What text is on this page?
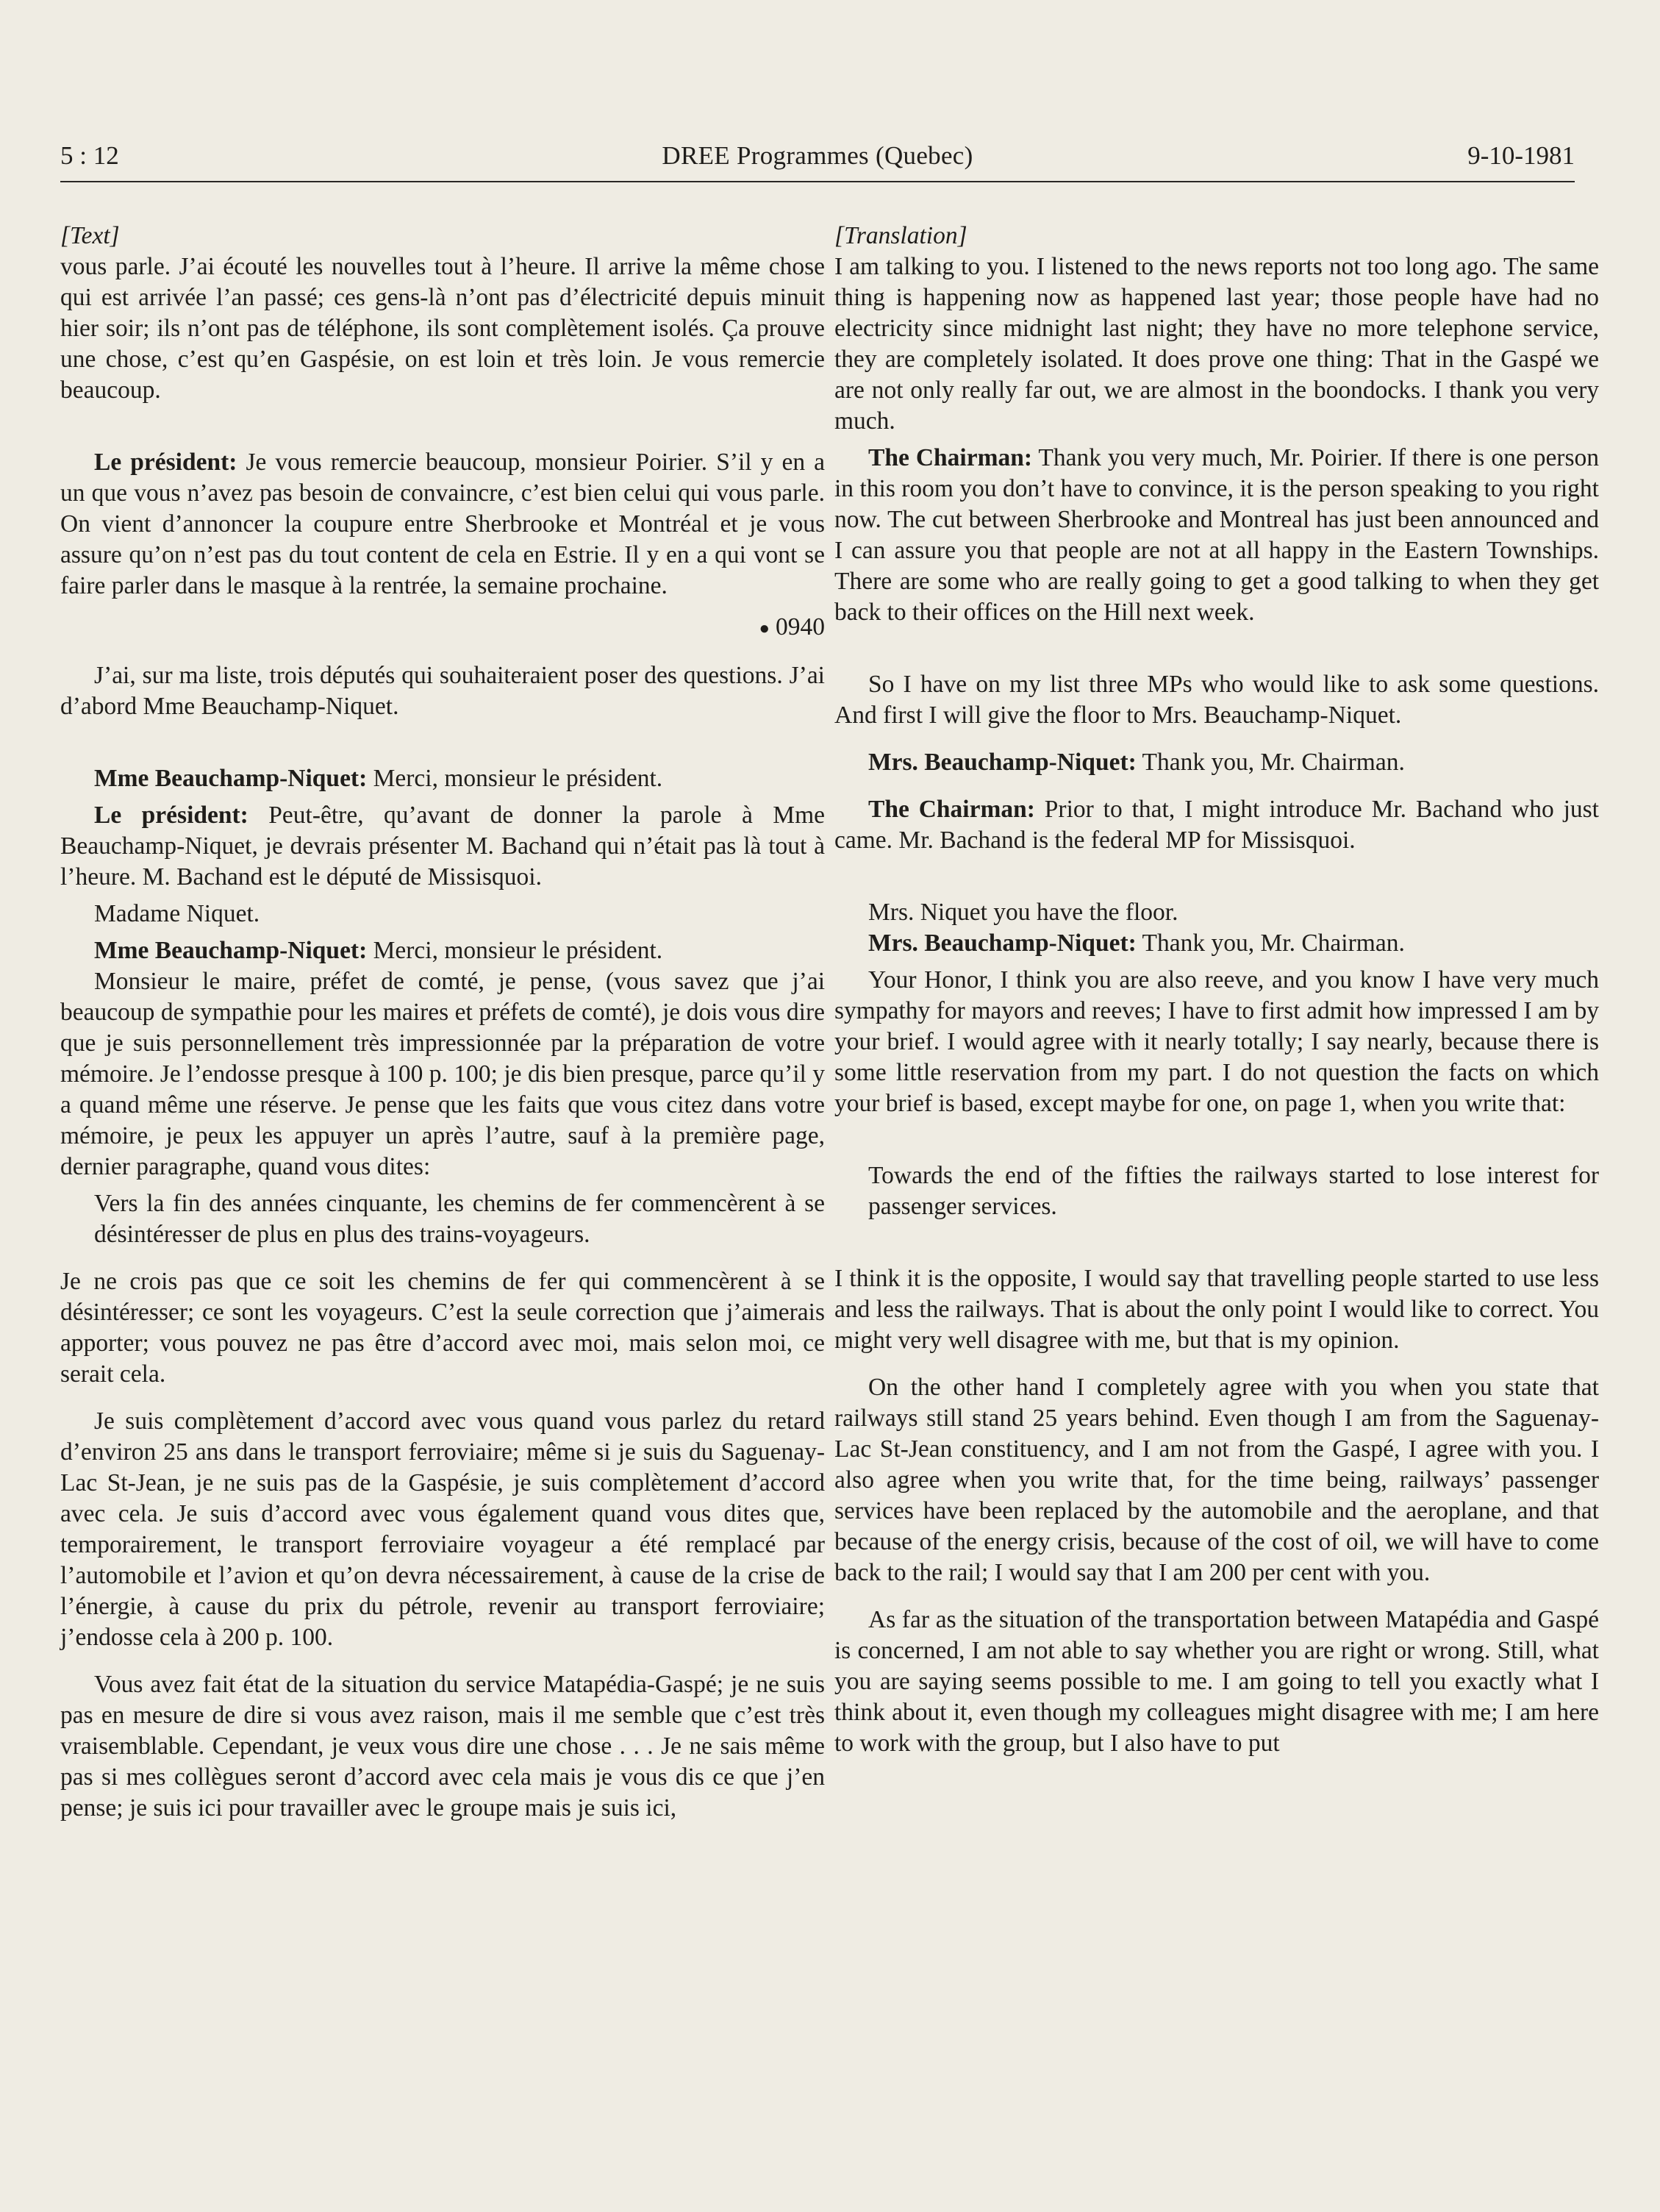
5 : 12	DREE Programmes (Quebec)	9-10-1981

[Text]

vous parle. J’ai écouté les nouvelles tout à l’heure. Il arrive la même chose qui est arrivée l’an passé; ces gens-là n’ont pas d’électricité depuis minuit hier soir; ils n’ont pas de téléphone, ils sont complètement isolés. Ça prouve une chose, c’est qu’en Gaspésie, on est loin et très loin. Je vous remercie beaucoup.

Le président: Je vous remercie beaucoup, monsieur Poirier. S’il y en a un que vous n’avez pas besoin de convaincre, c’est bien celui qui vous parle. On vient d’annoncer la coupure entre Sherbrooke et Montréal et je vous assure qu’on n’est pas du tout content de cela en Estrie. Il y en a qui vont se faire parler dans le masque à la rentrée, la semaine prochaine.

● 0940

J’ai, sur ma liste, trois députés qui souhaiteraient poser des questions. J’ai d’abord Mme Beauchamp-Niquet.

Mme Beauchamp-Niquet: Merci, monsieur le président.

Le président: Peut-être, qu’avant de donner la parole à Mme Beauchamp-Niquet, je devrais présenter M. Bachand qui n’était pas là tout à l’heure. M. Bachand est le député de Missisquoi.

Madame Niquet.

Mme Beauchamp-Niquet: Merci, monsieur le président.

Monsieur le maire, préfet de comté, je pense, (vous savez que j’ai beaucoup de sympathie pour les maires et préfets de comté), je dois vous dire que je suis personnellement très impressionnée par la préparation de votre mémoire. Je l’endosse presque à 100 p. 100; je dis bien presque, parce qu’il y a quand même une réserve. Je pense que les faits que vous citez dans votre mémoire, je peux les appuyer un après l’autre, sauf à la première page, dernier paragraphe, quand vous dites:

Vers la fin des années cinquante, les chemins de fer commencèrent à se désintéresser de plus en plus des trains-voyageurs.

Je ne crois pas que ce soit les chemins de fer qui commencèrent à se désintéresser; ce sont les voyageurs. C’est la seule correction que j’aimerais apporter; vous pouvez ne pas être d’accord avec moi, mais selon moi, ce serait cela.

Je suis complètement d’accord avec vous quand vous parlez du retard d’environ 25 ans dans le transport ferroviaire; même si je suis du Saguenay-Lac St-Jean, je ne suis pas de la Gaspésie, je suis complètement d’accord avec cela. Je suis d’accord avec vous également quand vous dites que, temporairement, le transport ferroviaire voyageur a été remplacé par l’automobile et l’avion et qu’on devra nécessairement, à cause de la crise de l’énergie, à cause du prix du pétrole, revenir au transport ferroviaire; j’endosse cela à 200 p. 100.

Vous avez fait état de la situation du service Matapédia-Gaspé; je ne suis pas en mesure de dire si vous avez raison, mais il me semble que c’est très vraisemblable. Cependant, je veux vous dire une chose . . . Je ne sais même pas si mes collègues seront d’accord avec cela mais je vous dis ce que j’en pense; je suis ici pour travailler avec le groupe mais je suis ici,

[Translation]

I am talking to you. I listened to the news reports not too long ago. The same thing is happening now as happened last year; those people have had no electricity since midnight last night; they have no more telephone service, they are completely isolated. It does prove one thing: That in the Gaspé we are not only really far out, we are almost in the boondocks. I thank you very much.

The Chairman: Thank you very much, Mr. Poirier. If there is one person in this room you don’t have to convince, it is the person speaking to you right now. The cut between Sherbrooke and Montreal has just been announced and I can assure you that people are not at all happy in the Eastern Townships. There are some who are really going to get a good talking to when they get back to their offices on the Hill next week.

So I have on my list three MPs who would like to ask some questions. And first I will give the floor to Mrs. Beauchamp-Niquet.

Mrs. Beauchamp-Niquet: Thank you, Mr. Chairman.

The Chairman: Prior to that, I might introduce Mr. Bachand who just came. Mr. Bachand is the federal MP for Missisquoi.

Mrs. Niquet you have the floor.

Mrs. Beauchamp-Niquet: Thank you, Mr. Chairman.

Your Honor, I think you are also reeve, and you know I have very much sympathy for mayors and reeves; I have to first admit how impressed I am by your brief. I would agree with it nearly totally; I say nearly, because there is some little reservation from my part. I do not question the facts on which your brief is based, except maybe for one, on page 1, when you write that:

Towards the end of the fifties the railways started to lose interest for passenger services.

I think it is the opposite, I would say that travelling people started to use less and less the railways. That is about the only point I would like to correct. You might very well disagree with me, but that is my opinion.

On the other hand I completely agree with you when you state that railways still stand 25 years behind. Even though I am from the Saguenay-Lac St-Jean constituency, and I am not from the Gaspé, I agree with you. I also agree when you write that, for the time being, railways’ passenger services have been replaced by the automobile and the aeroplane, and that because of the energy crisis, because of the cost of oil, we will have to come back to the rail; I would say that I am 200 per cent with you.

As far as the situation of the transportation between Matapédia and Gaspé is concerned, I am not able to say whether you are right or wrong. Still, what you are saying seems possible to me. I am going to tell you exactly what I think about it, even though my colleagues might disagree with me; I am here to work with the group, but I also have to put
